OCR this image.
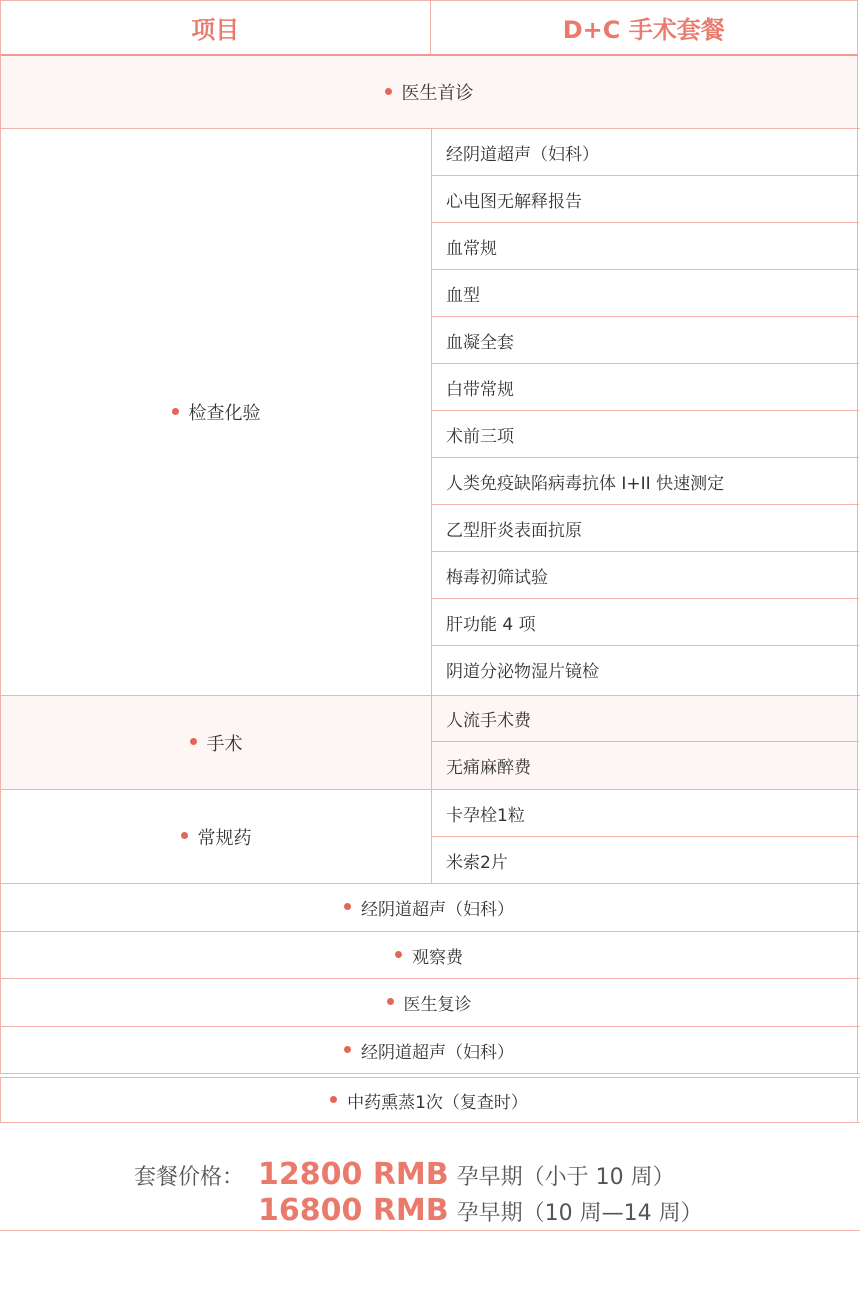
项目	D+C 手术套餐
医生首诊
检查化验
经阴道超声（妇科）
心电图无解释报告
血常规
血型
血凝全套
白带常规
术前三项
人类免疫缺陷病毒抗体 I+II 快速测定
乙型肝炎表面抗原
梅毒初筛试验
肝功能 4 项
阴道分泌物湿片镜检
手术
人流手术费
无痛麻醉费
常规药
卡孕栓1粒
米索2片
经阴道超声（妇科）
观察费
医生复诊
经阴道超声（妇科）
中药熏蒸1次（复查时）
套餐价格： 12800 RMB 孕早期（小于 10 周）
16800 RMB 孕早期（10 周—14 周）
